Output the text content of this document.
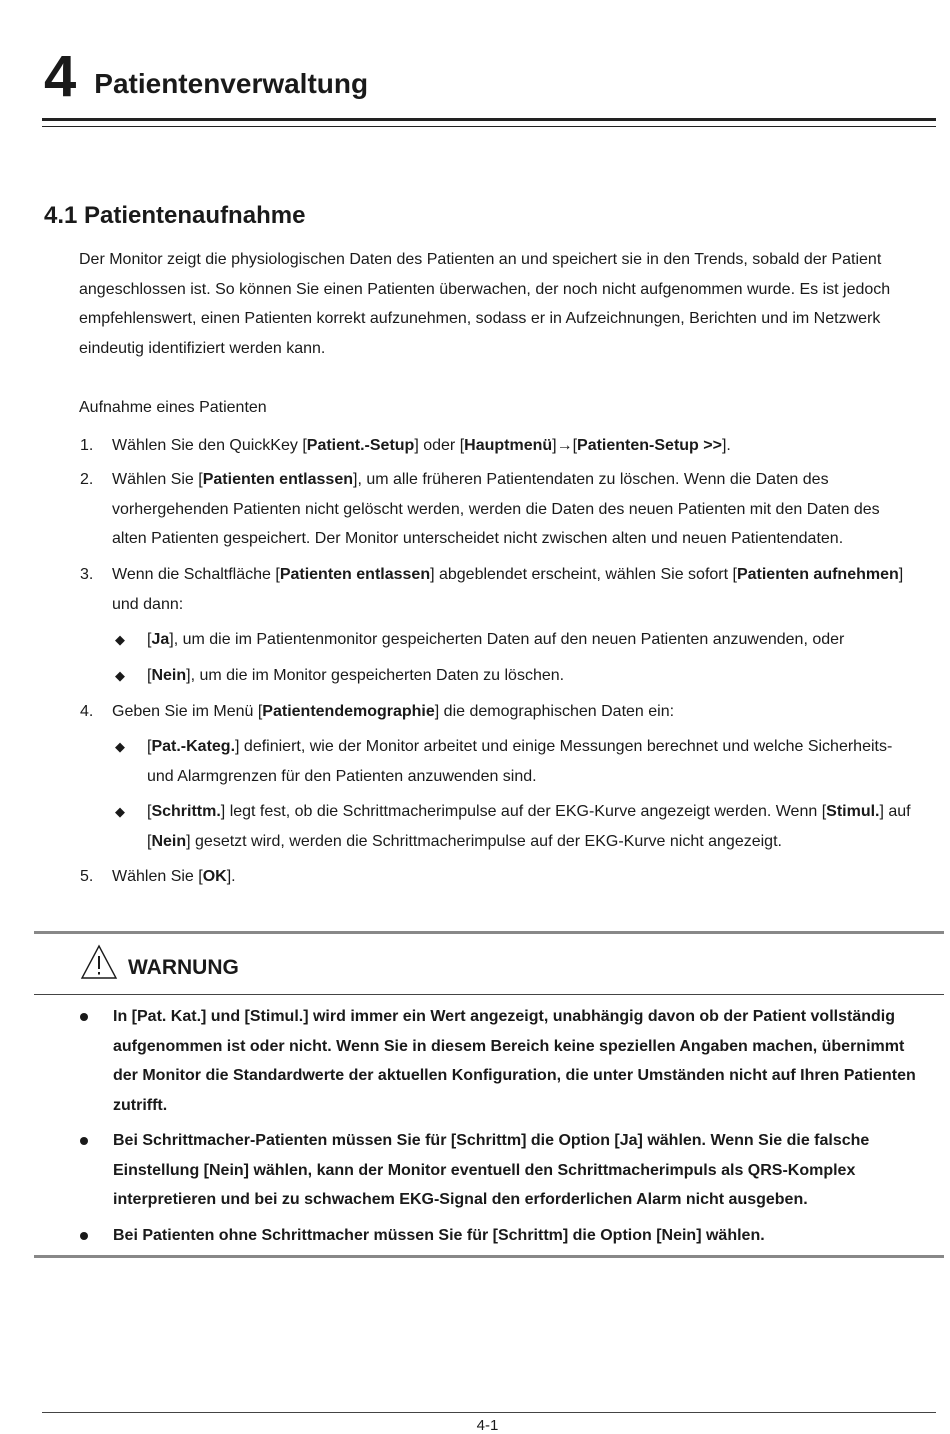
4 Patientenverwaltung
4.1 Patientenaufnahme
Der Monitor zeigt die physiologischen Daten des Patienten an und speichert sie in den Trends, sobald der Patient angeschlossen ist. So können Sie einen Patienten überwachen, der noch nicht aufgenommen wurde. Es ist jedoch empfehlenswert, einen Patienten korrekt aufzunehmen, sodass er in Aufzeichnungen, Berichten und im Netzwerk eindeutig identifiziert werden kann.
Aufnahme eines Patienten
1. Wählen Sie den QuickKey [Patient.-Setup] oder [Hauptmenü]→[Patienten-Setup >>].
2. Wählen Sie [Patienten entlassen], um alle früheren Patientendaten zu löschen. Wenn die Daten des vorhergehenden Patienten nicht gelöscht werden, werden die Daten des neuen Patienten mit den Daten des alten Patienten gespeichert. Der Monitor unterscheidet nicht zwischen alten und neuen Patientendaten.
3. Wenn die Schaltfläche [Patienten entlassen] abgeblendet erscheint, wählen Sie sofort [Patienten aufnehmen] und dann:
◆ [Ja], um die im Patientenmonitor gespeicherten Daten auf den neuen Patienten anzuwenden, oder
◆ [Nein], um die im Monitor gespeicherten Daten zu löschen.
4. Geben Sie im Menü [Patientendemographie] die demographischen Daten ein:
◆ [Pat.-Kateg.] definiert, wie der Monitor arbeitet und einige Messungen berechnet und welche Sicherheits- und Alarmgrenzen für den Patienten anzuwenden sind.
◆ [Schrittm.] legt fest, ob die Schrittmacherimpulse auf der EKG-Kurve angezeigt werden. Wenn [Stimul.] auf [Nein] gesetzt wird, werden die Schrittmacherimpulse auf der EKG-Kurve nicht angezeigt.
5. Wählen Sie [OK].
WARNUNG
In [Pat. Kat.] und [Stimul.] wird immer ein Wert angezeigt, unabhängig davon ob der Patient vollständig aufgenommen ist oder nicht. Wenn Sie in diesem Bereich keine speziellen Angaben machen, übernimmt der Monitor die Standardwerte der aktuellen Konfiguration, die unter Umständen nicht auf Ihren Patienten zutrifft.
Bei Schrittmacher-Patienten müssen Sie für [Schrittm] die Option [Ja] wählen. Wenn Sie die falsche Einstellung [Nein] wählen, kann der Monitor eventuell den Schrittmacherimpuls als QRS-Komplex interpretieren und bei zu schwachem EKG-Signal den erforderlichen Alarm nicht ausgeben.
Bei Patienten ohne Schrittmacher müssen Sie für [Schrittm] die Option [Nein] wählen.
4-1
